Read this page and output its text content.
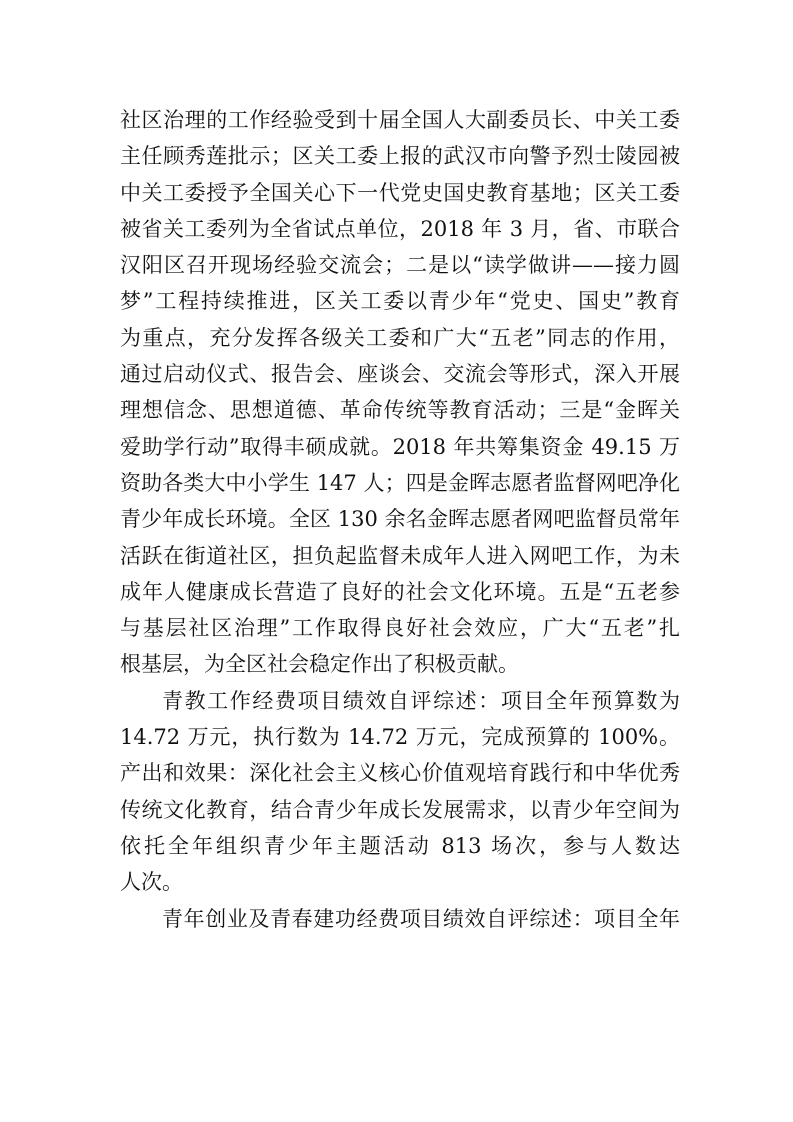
社区治理的工作经验受到十届全国人大副委员长、中关工委
主任顾秀莲批示；区关工委上报的武汉市向警予烈士陵园被
中关工委授予全国关心下一代党史国史教育基地；区关工委
被省关工委列为全省试点单位，2018 年 3 月，省、市联合
汉阳区召开现场经验交流会；二是以“读学做讲——接力圆
梦”工程持续推进，区关工委以青少年“党史、国史”教育
为重点，充分发挥各级关工委和广大“五老”同志的作用，
通过启动仪式、报告会、座谈会、交流会等形式，深入开展
理想信念、思想道德、革命传统等教育活动；三是“金晖关
爱助学行动”取得丰硕成就。2018 年共筹集资金 49.15 万
资助各类大中小学生 147 人；四是金晖志愿者监督网吧净化
青少年成长环境。全区 130 余名金晖志愿者网吧监督员常年
活跃在街道社区，担负起监督未成年人进入网吧工作，为未
成年人健康成长营造了良好的社会文化环境。五是“五老参
与基层社区治理”工作取得良好社会效应，广大“五老”扎
根基层，为全区社会稳定作出了积极贡献。
青教工作经费项目绩效自评综述：项目全年预算数为
14.72 万元，执行数为 14.72 万元，完成预算的 100%。
产出和效果：深化社会主义核心价值观培育践行和中华优秀
传统文化教育，结合青少年成长发展需求，以青少年空间为
依托全年组织青少年主题活动 813 场次，参与人数达
人次。
青年创业及青春建功经费项目绩效自评综述：项目全年
